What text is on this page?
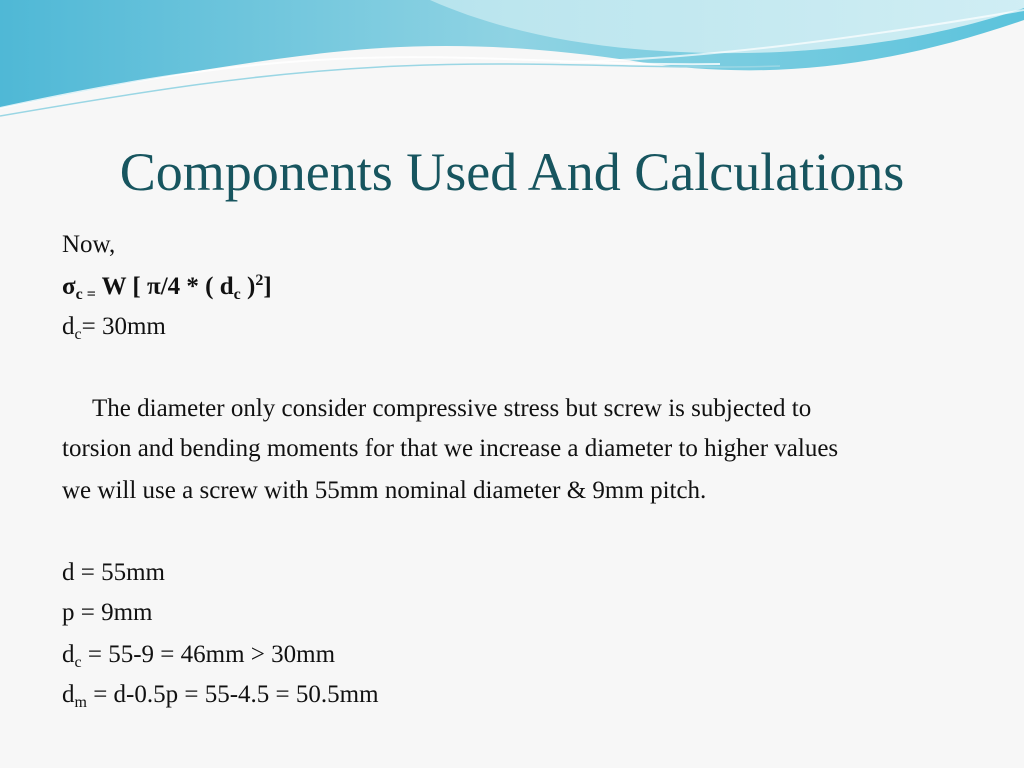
Components Used And Calculations

Now,

$\sigma_{c =}$ W [ π/4 * ( $d_c$ )$^2$]

$d_c= 30mm$

The diameter only consider compressive stress but screw is subjected to

torsion and bending moments for that we increase a diameter to higher values

we will use a screw with 55mm nominal diameter & 9mm pitch.

d = 55mm

p = 9mm

$d_c = 55-9 = 46mm > 30mm$

$d_m = d-0.5p = 55-4.5 = 50.5mm$
